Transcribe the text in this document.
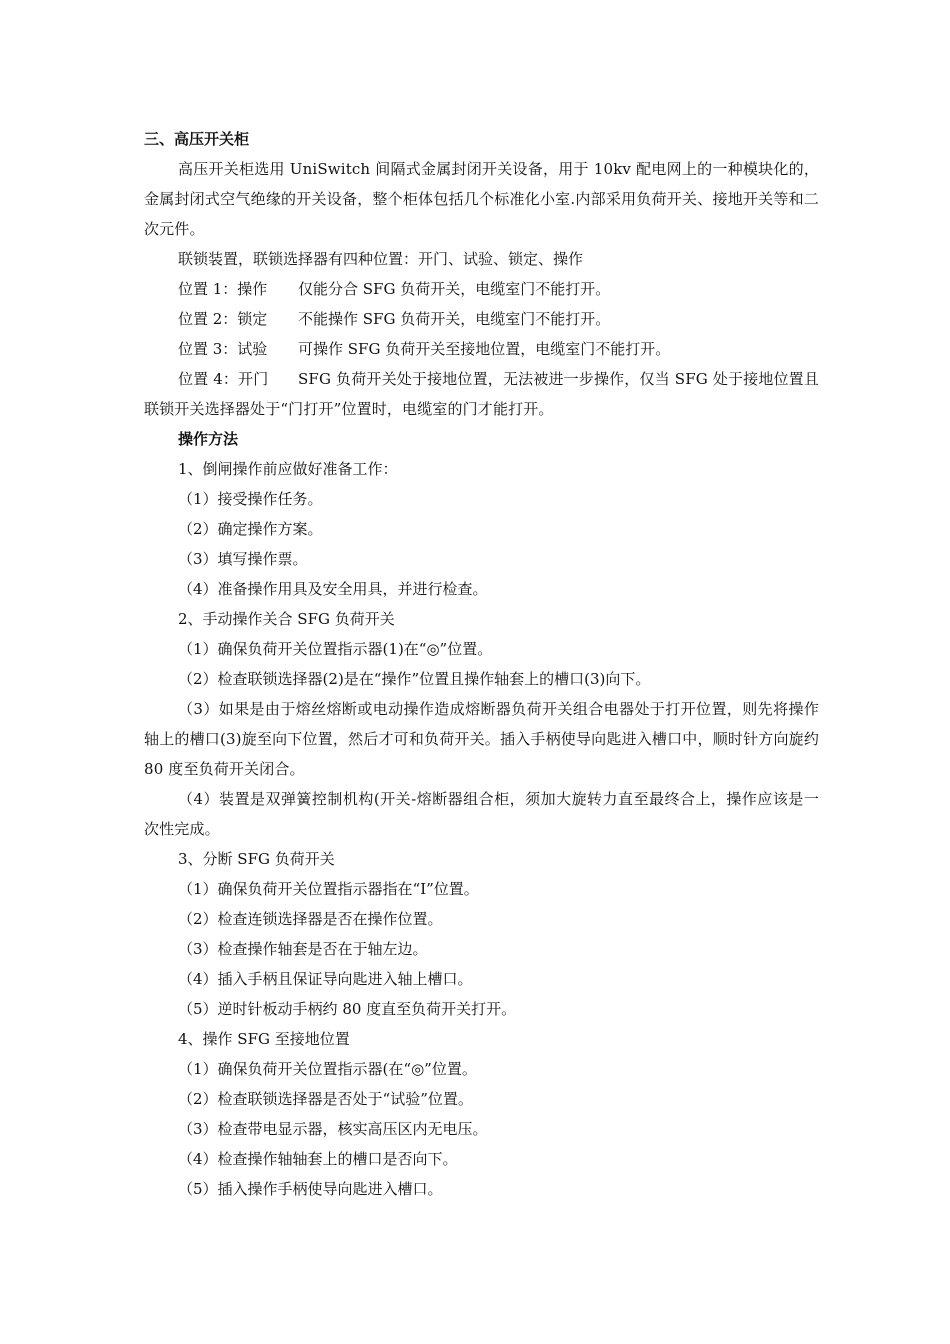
三、高压开关柜
高压开关柜选用 UniSwitch 间隔式金属封闭开关设备，用于 10kv 配电网上的一种模块化的，金属封闭式空气绝缘的开关设备，整个柜体包括几个标准化小室.内部采用负荷开关、接地开关等和二次元件。
联锁装置，联锁选择器有四种位置：开门、试验、锁定、操作
位置 1：操作 仅能分合 SFG 负荷开关，电缆室门不能打开。
位置 2：锁定 不能操作 SFG 负荷开关，电缆室门不能打开。
位置 3：试验 可操作 SFG 负荷开关至接地位置，电缆室门不能打开。
位置 4：开门 SFG 负荷开关处于接地位置，无法被进一步操作，仅当 SFG 处于接地位置且联锁开关选择器处于“门打开”位置时，电缆室的门才能打开。
操作方法
1、倒闸操作前应做好准备工作：
（1）接受操作任务。
（2）确定操作方案。
（3）填写操作票。
（4）准备操作用具及安全用具，并进行检查。
2、手动操作关合 SFG 负荷开关
（1）确保负荷开关位置指示器(1)在“◎”位置。
（2）检查联锁选择器(2)是在“操作”位置且操作轴套上的槽口(3)向下。
（3）如果是由于熔丝熔断或电动操作造成熔断器负荷开关组合电器处于打开位置，则先将操作轴上的槽口(3)旋至向下位置，然后才可和负荷开关。插入手柄使导向匙进入槽口中，顺时针方向旋约 80 度至负荷开关闭合。
（4）装置是双弹簧控制机构(开关-熔断器组合柜，须加大旋转力直至最终合上，操作应该是一次性完成。
3、分断 SFG 负荷开关
（1）确保负荷开关位置指示器指在“Ⅰ”位置。
（2）检查连锁选择器是否在操作位置。
（3）检查操作轴套是否在于轴左边。
（4）插入手柄且保证导向匙进入轴上槽口。
（5）逆时针板动手柄约 80 度直至负荷开关打开。
4、操作 SFG 至接地位置
（1）确保负荷开关位置指示器(在“◎”位置。
（2）检查联锁选择器是否处于“试验”位置。
（3）检查带电显示器，核实高压区内无电压。
（4）检查操作轴轴套上的槽口是否向下。
（5）插入操作手柄使导向匙进入槽口。
